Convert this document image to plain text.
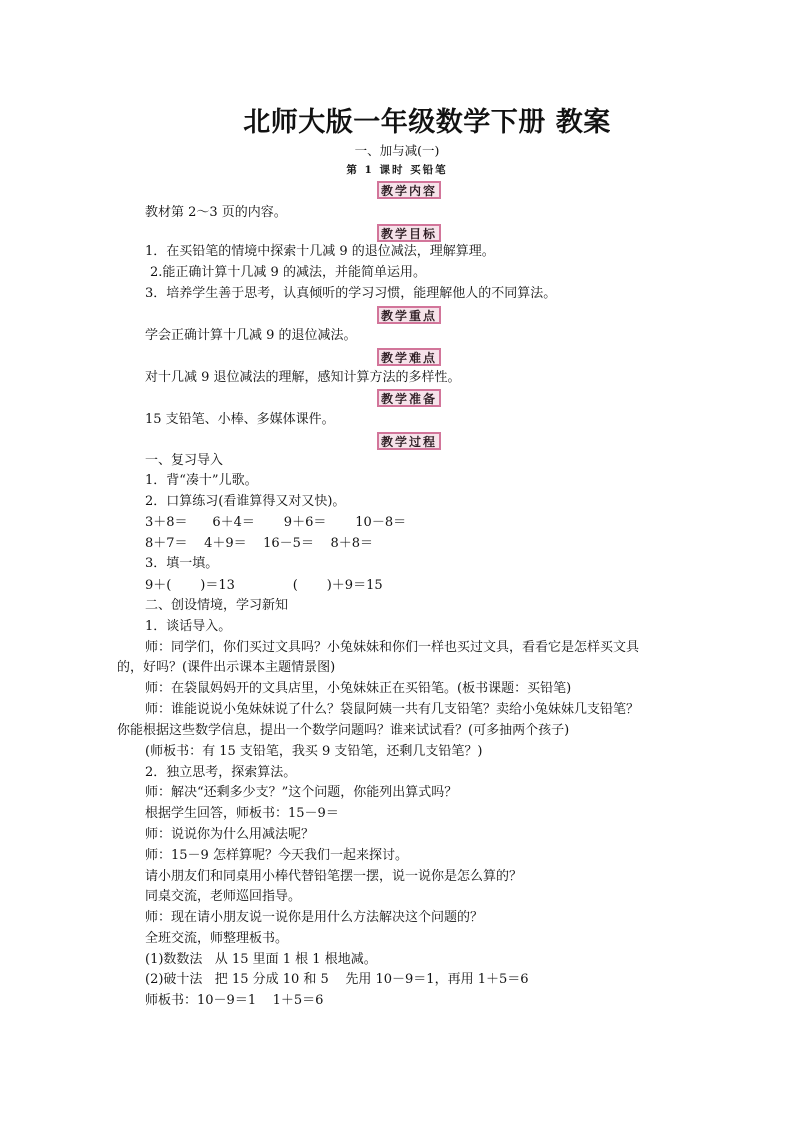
北师大版一年级数学下册 教案
一、加与减(一)
第 1 课时 买铅笔
教学内容
教材第 2～3 页的内容。
教学目标
1．在买铅笔的情境中探索十几减 9 的退位减法，理解算理。
2.能正确计算十几减 9 的减法，并能简单运用。
3．培养学生善于思考，认真倾听的学习习惯，能理解他人的不同算法。
教学重点
学会正确计算十几减 9 的退位减法。
教学难点
对十几减 9 退位减法的理解，感知计算方法的多样性。
教学准备
15 支铅笔、小棒、多媒体课件。
教学过程
一、复习导入
1．背“凑十”儿歌。
2．口算练习(看谁算得又对又快)。
3＋8＝      6＋4＝       9＋6＝       10－8＝
8＋7＝    4＋9＝    16－5＝    8＋8＝
3．填一填。
9＋(       )＝13              (       )＋9＝15
二、创设情境，学习新知
1．谈话导入。
师：同学们，你们买过文具吗？小兔妹妹和你们一样也买过文具，看看它是怎样买文具
的，好吗？(课件出示课本主题情景图)
师：在袋鼠妈妈开的文具店里，小兔妹妹正在买铅笔。(板书课题：买铅笔)
师：谁能说说小兔妹妹说了什么？袋鼠阿姨一共有几支铅笔？卖给小兔妹妹几支铅笔？
你能根据这些数学信息，提出一个数学问题吗？谁来试试看？(可多抽两个孩子)
(师板书：有 15 支铅笔，我买 9 支铅笔，还剩几支铅笔？)
2．独立思考，探索算法。
师：解决“还剩多少支？”这个问题，你能列出算式吗？
根据学生回答，师板书：15－9＝
师：说说你为什么用减法呢？
师：15－9 怎样算呢？今天我们一起来探讨。
请小朋友们和同桌用小棒代替铅笔摆一摆，说一说你是怎么算的？
同桌交流，老师巡回指导。
师：现在请小朋友说一说你是用什么方法解决这个问题的？
全班交流，师整理板书。
(1)数数法   从 15 里面 1 根 1 根地减。
(2)破十法   把 15 分成 10 和 5    先用 10－9＝1，再用 1＋5＝6
师板书：10－9＝1    1＋5＝6
